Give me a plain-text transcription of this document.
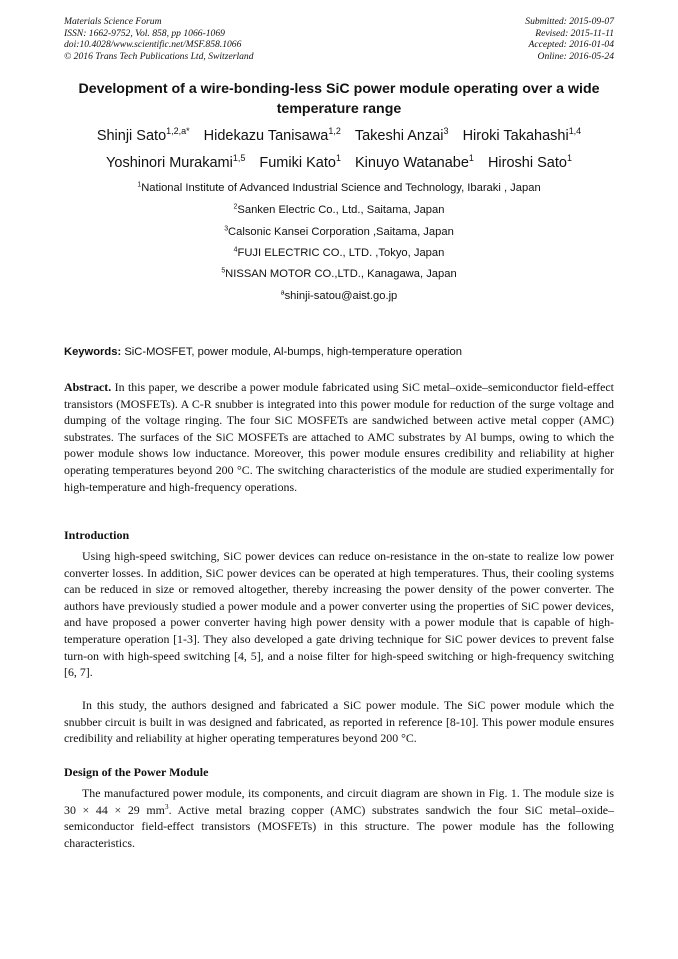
Materials Science Forum
ISSN: 1662-9752, Vol. 858, pp 1066-1069
doi:10.4028/www.scientific.net/MSF.858.1066
© 2016 Trans Tech Publications Ltd, Switzerland
Submitted: 2015-09-07
Revised: 2015-11-11
Accepted: 2016-01-04
Online: 2016-05-24
Development of a wire-bonding-less SiC power module operating over a wide temperature range
Shinji Sato$^{1,2,a*}$ Hidekazu Tanisawa$^{1,2}$ Takeshi Anzai$^3$ Hiroki Takahashi$^{1,4}$
Yoshinori Murakami$^{1,5}$ Fumiki Kato$^1$ Kinuyo Watanabe$^1$ Hiroshi Sato$^1$
$^1$National Institute of Advanced Industrial Science and Technology, Ibaraki , Japan
$^2$Sanken Electric Co., Ltd., Saitama, Japan
$^3$Calsonic Kansei Corporation ,Saitama, Japan
$^4$FUJI ELECTRIC CO., LTD. ,Tokyo, Japan
$^5$NISSAN MOTOR CO.,LTD., Kanagawa, Japan
$^a$shinji-satou@aist.go.jp
Keywords: SiC-MOSFET, power module, Al-bumps, high-temperature operation
Abstract. In this paper, we describe a power module fabricated using SiC metal–oxide–semiconductor field-effect transistors (MOSFETs). A C-R snubber is integrated into this power module for reduction of the surge voltage and dumping of the voltage ringing. The four SiC MOSFETs are sandwiched between active metal copper (AMC) substrates. The surfaces of the SiC MOSFETs are attached to AMC substrates by Al bumps, owing to which the power module shows low inductance. Moreover, this power module ensures credibility and reliability at higher operating temperatures beyond 200 °C. The switching characteristics of the module are studied experimentally for high-temperature and high-frequency operations.
Introduction
Using high-speed switching, SiC power devices can reduce on-resistance in the on-state to realize low power converter losses. In addition, SiC power devices can be operated at high temperatures. Thus, their cooling systems can be reduced in size or removed altogether, thereby increasing the power density of the power converter. The authors have previously studied a power module and a power converter using the properties of SiC power devices, and have proposed a power converter having high power density with a power module that is capable of high-temperature operation [1-3]. They also developed a gate driving technique for SiC power devices to prevent false turn-on with high-speed switching [4, 5], and a noise filter for high-speed switching or high-frequency switching [6, 7].
In this study, the authors designed and fabricated a SiC power module. The SiC power module which the snubber circuit is built in was designed and fabricated, as reported in reference [8-10]. This power module ensures credibility and reliability at higher operating temperatures beyond 200 °C.
Design of the Power Module
The manufactured power module, its components, and circuit diagram are shown in Fig. 1. The module size is 30 × 44 × 29 $mm^3$. Active metal brazing copper (AMC) substrates sandwich the four SiC metal–oxide–semiconductor field-effect transistors (MOSFETs) in this structure. The power module has the following characteristics.
